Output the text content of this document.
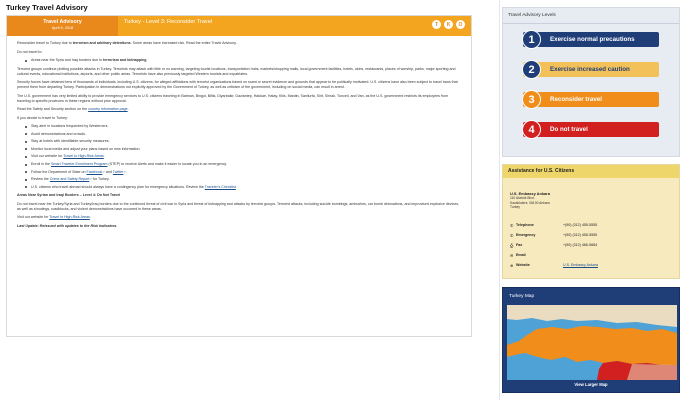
Turkey Travel Advisory
Travel Advisory
April 9, 2018
Turkey - Level 3: Reconsider Travel	T	K	O

Reconsider travel to Turkey due to terrorism and arbitrary detentions. Some areas have increased risk. Read the entire Travel Advisory.

Do not travel to:

Areas near the Syria and Iraq borders due to terrorism and kidnapping

Terrorist groups continue plotting possible attacks in Turkey. Terrorists may attack with little or no warning, targeting tourist locations, transportation hubs, markets/shopping malls, local government facilities, hotels, clubs, restaurants, places of worship, parks, major sporting and cultural events, educational institutions, airports, and other public areas. Terrorists have also previously targeted Western tourists and expatriates.

Security forces have detained tens of thousands of individuals, including U.S. citizens, for alleged affiliations with terrorist organizations based on scant or secret evidence and grounds that appear to be politically motivated. U.S. citizens have also been subject to travel bans that prevent them from departing Turkey. Participation in demonstrations not explicitly approved by the Government of Turkey, as well as criticism of the government, including on social media, can result in arrest.

The U.S. government has very limited ability to provide emergency services to U.S. citizens traveling in Batman, Bingol, Bitlis, Diyarbakir, Gaziantep, Hakkari, Hatay, Kilis, Mardin, Sanliurfa, Siirt, Sirnak, Tunceli, and Van, as the U.S. government restricts its employees from traveling to specific provinces in these regions without prior approval.

Read the Safety and Security section on the country information page.

If you decide to travel to Turkey:

Stay alert in locations frequented by Westerners.
Avoid demonstrations and crowds.
Stay at hotels with identifiable security measures.
Monitor local media and adjust your plans based on new information.
Visit our website for Travel to High-Risk Areas.
Enroll in the Smart Traveler Enrollment Program (STEP) to receive Alerts and make it easier to locate you in an emergency.
Follow the Department of State on Facebook↗ and Twitter↗.
Review the Crime and Safety Report↗ for Turkey.
U.S. citizens who travel abroad should always have a contingency plan for emergency situations. Review the Traveler's Checklist.

Areas Near Syrian and Iraqi Borders – Level 4: Do Not Travel

Do not travel near the Turkey/Syria and Turkey/Iraq borders due to the continued threat of civil war in Syria and threat of kidnapping and attacks by terrorist groups. Terrorist attacks, including suicide bombings, ambushes, car bomb detonations, and improvised explosive devices, as well as shootings, roadblocks, and violent demonstrations have occurred in these areas.

Visit our website for Travel to High-Risk Areas.

Last Update: Reissued with updates to the Risk Indicators.

Travel Advisory Levels
1	Exercise normal precautions
2	Exercise increased caution
3	Reconsider travel
4	Do not travel
Assistance for U.S. Citizens
U.S. Embassy Ankara
110 Atatürk Blvd.
Kavaklıdere, 06100 Ankara
Turkey
✆ Telephone	+(90) (312) 455-5555
✆ Emergency	+(90) (312) 455-5555
⎙ Fax	+(90) (312) 466-5684
✉ Email
⊕ Website	U.S. Embassy Ankara
Turkey Map
View Larger Map
